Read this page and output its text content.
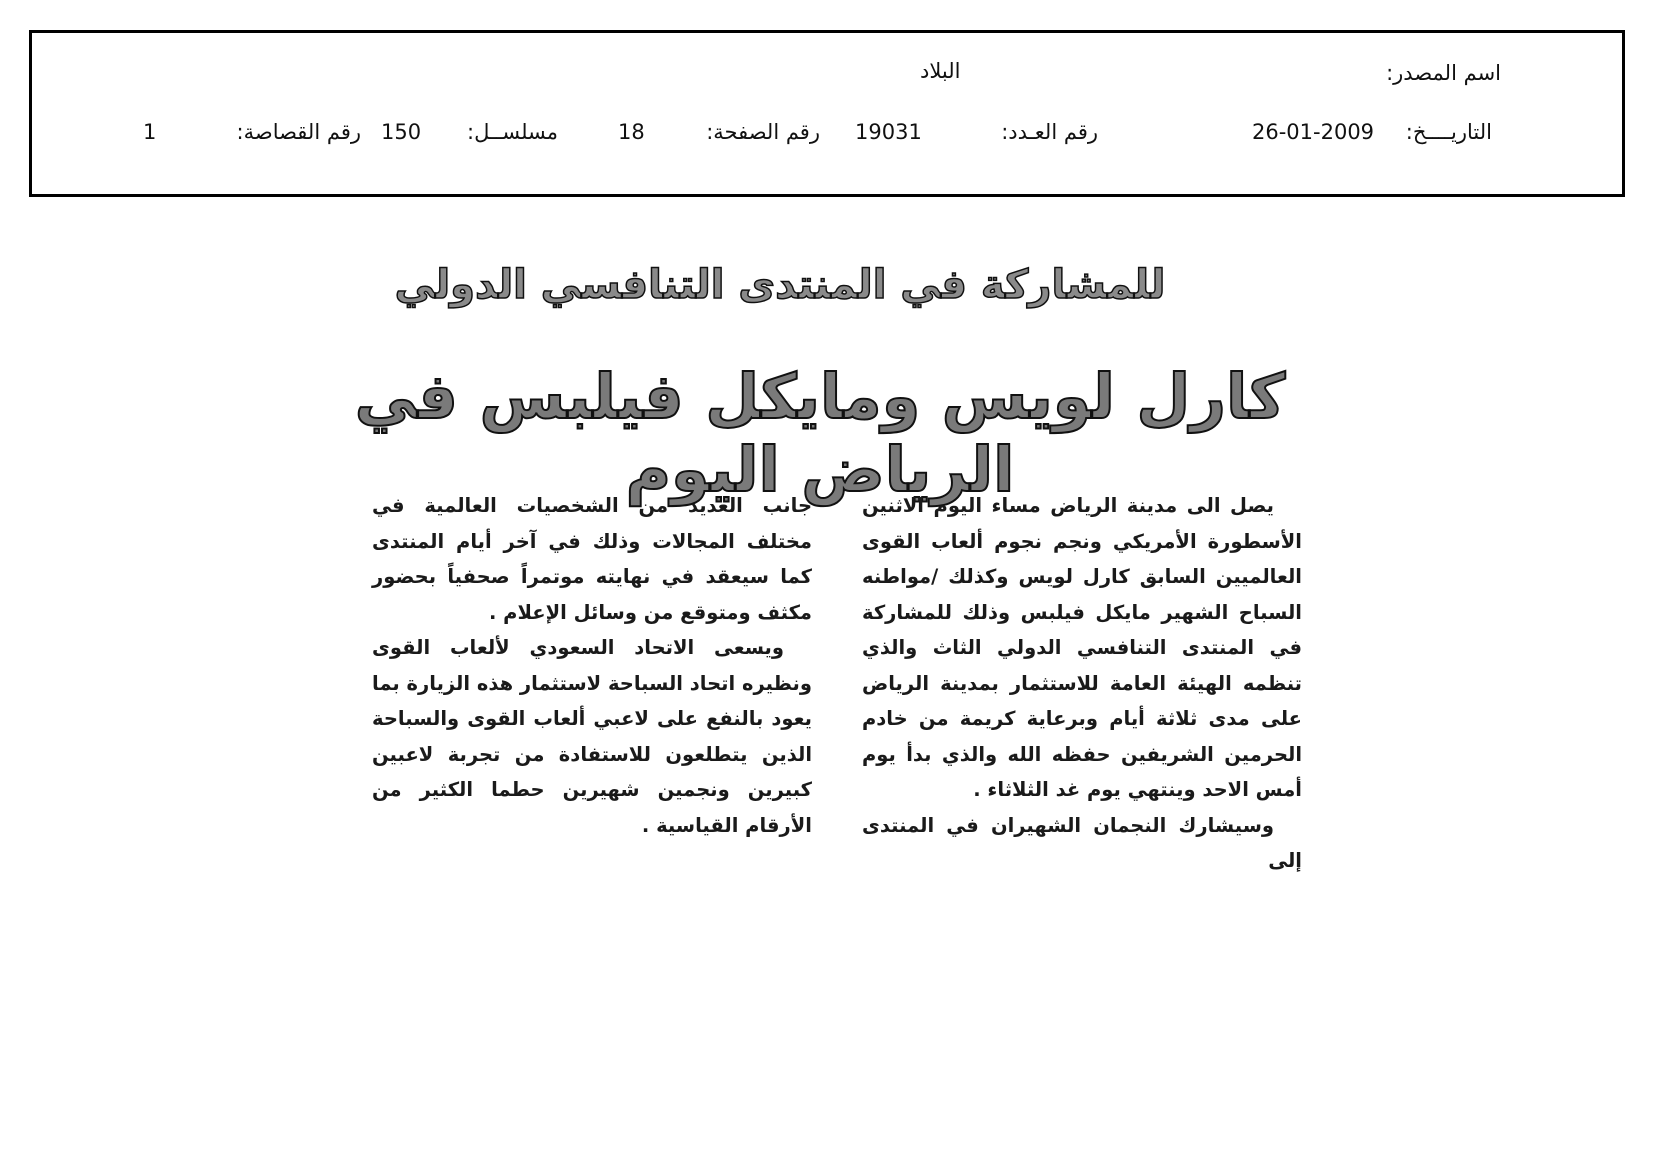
اسم المصدر:
البلاد
التاريــــخ:
26-01-2009
رقم العـدد:
19031
رقم الصفحة:
18
مسلســل:
150
رقم القصاصة:
1
للمشاركة في المنتدى التنافسي الدولي
كارل لويس ومايكل فيلبس في الرياض اليوم

يصل الى مدينة الرياض مساء اليوم الاثنين الأسطورة الأمريكي ونجم نجوم ألعاب القوى العالميين السابق كارل لويس وكذلك /مواطنه السباح الشهير مايكل فيلبس وذلك للمشاركة في المنتدى التنافسي الدولي الثاث والذي تنظمه الهيئة العامة للاستثمار بمدينة الرياض على مدى ثلاثة أيام وبرعاية كريمة من خادم الحرمين الشريفين حفظه الله والذي بدأ يوم أمس الاحد وينتهي يوم غد الثلاثاء .

وسيشارك النجمان الشهيران في المنتدى إلى

جانب العديد من الشخصيات العالمية في مختلف المجالات وذلك في آخر أيام المنتدى كما سيعقد في نهايته موتمراً صحفياً بحضور مكثف ومتوقع من وسائل الإعلام .

ويسعى الاتحاد السعودي لألعاب القوى ونظيره اتحاد السباحة لاستثمار هذه الزيارة بما يعود بالنفع على لاعبي ألعاب القوى والسباحة الذين يتطلعون للاستفادة من تجربة لاعبين كبيرين ونجمين شهيرين حطما الكثير من الأرقام القياسية .
